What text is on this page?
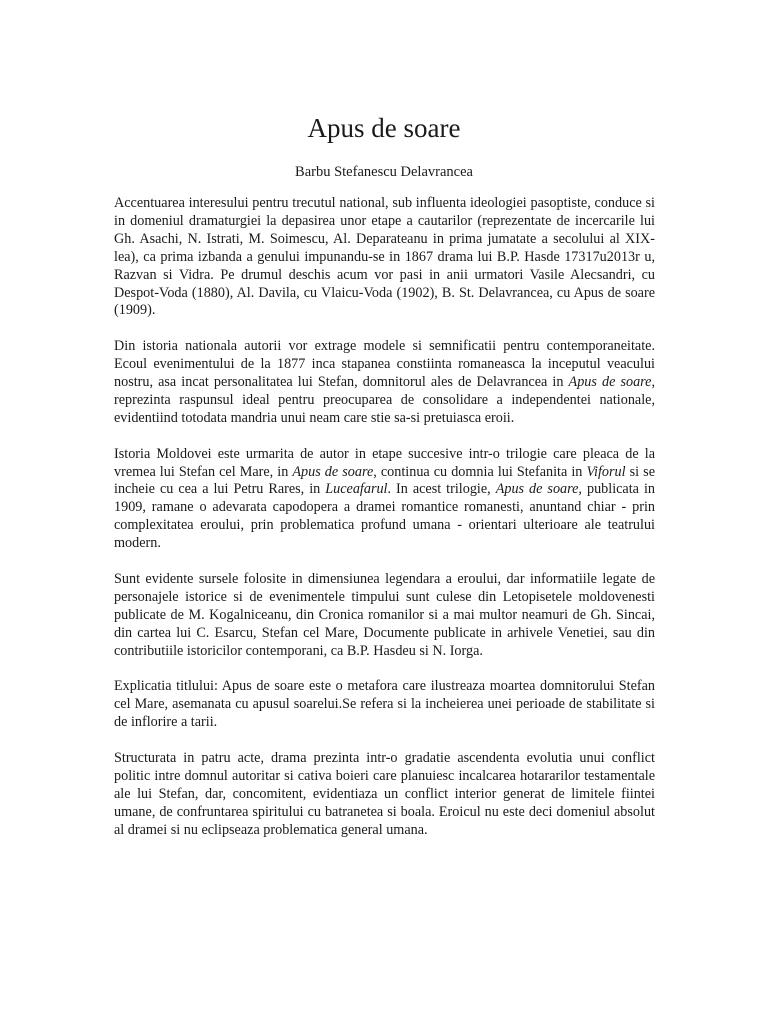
Apus de soare
Barbu Stefanescu Delavrancea

Accentuarea interesului pentru trecutul national, sub influenta ideologiei pasoptiste, conduce si in domeniul dramaturgiei la depasirea unor etape a cautarilor (reprezentate de incercarile lui Gh. Asachi, N. Istrati, M. Soimescu, Al. Deparateanu in prima jumatate a secolului al XIX-lea), ca prima izbanda a genului impunandu-se in 1867 drama lui B.P. Hasde 17317u2013r u, Razvan si Vidra. Pe drumul deschis acum vor pasi in anii urmatori Vasile Alecsandri, cu Despot-Voda (1880), Al. Davila, cu Vlaicu-Voda (1902), B. St. Delavrancea, cu Apus de soare (1909).

Din istoria nationala autorii vor extrage modele si semnificatii pentru contemporaneitate. Ecoul evenimentului de la 1877 inca stapanea constiinta romaneasca la inceputul veacului nostru, asa incat personalitatea lui Stefan, domnitorul ales de Delavrancea in Apus de soare, reprezinta raspunsul ideal pentru preocuparea de consolidare a independentei nationale, evidentiind totodata mandria unui neam care stie sa-si pretuiasca eroii.

Istoria Moldovei este urmarita de autor in etape succesive intr-o trilogie care pleaca de la vremea lui Stefan cel Mare, in Apus de soare, continua cu domnia lui Stefanita in Viforul si se incheie cu cea a lui Petru Rares, in Luceafarul. In acest trilogie, Apus de soare, publicata in 1909, ramane o adevarata capodopera a dramei romantice romanesti, anuntand chiar - prin complexitatea eroului, prin problematica profund umana - orientari ulterioare ale teatrului modern.

Sunt evidente sursele folosite in dimensiunea legendara a eroului, dar informatiile legate de personajele istorice si de evenimentele timpului sunt culese din Letopisetele moldovenesti publicate de M. Kogalniceanu, din Cronica romanilor si a mai multor neamuri de Gh. Sincai, din cartea lui C. Esarcu, Stefan cel Mare, Documente publicate in arhivele Venetiei, sau din contributiile istoricilor contemporani, ca B.P. Hasdeu si N. Iorga.

Explicatia titlului: Apus de soare este o metafora care ilustreaza moartea domnitorului Stefan cel Mare, asemanata cu apusul soarelui.Se refera si la incheierea unei perioade de stabilitate si de inflorire a tarii.

Structurata in patru acte, drama prezinta intr-o gradatie ascendenta evolutia unui conflict politic intre domnul autoritar si cativa boieri care planuiesc incalcarea hotararilor testamentale ale lui Stefan, dar, concomitent, evidentiaza un conflict interior generat de limitele fiintei umane, de confruntarea spiritului cu batranetea si boala. Eroicul nu este deci domeniul absolut al dramei si nu eclipseaza problematica general umana.
